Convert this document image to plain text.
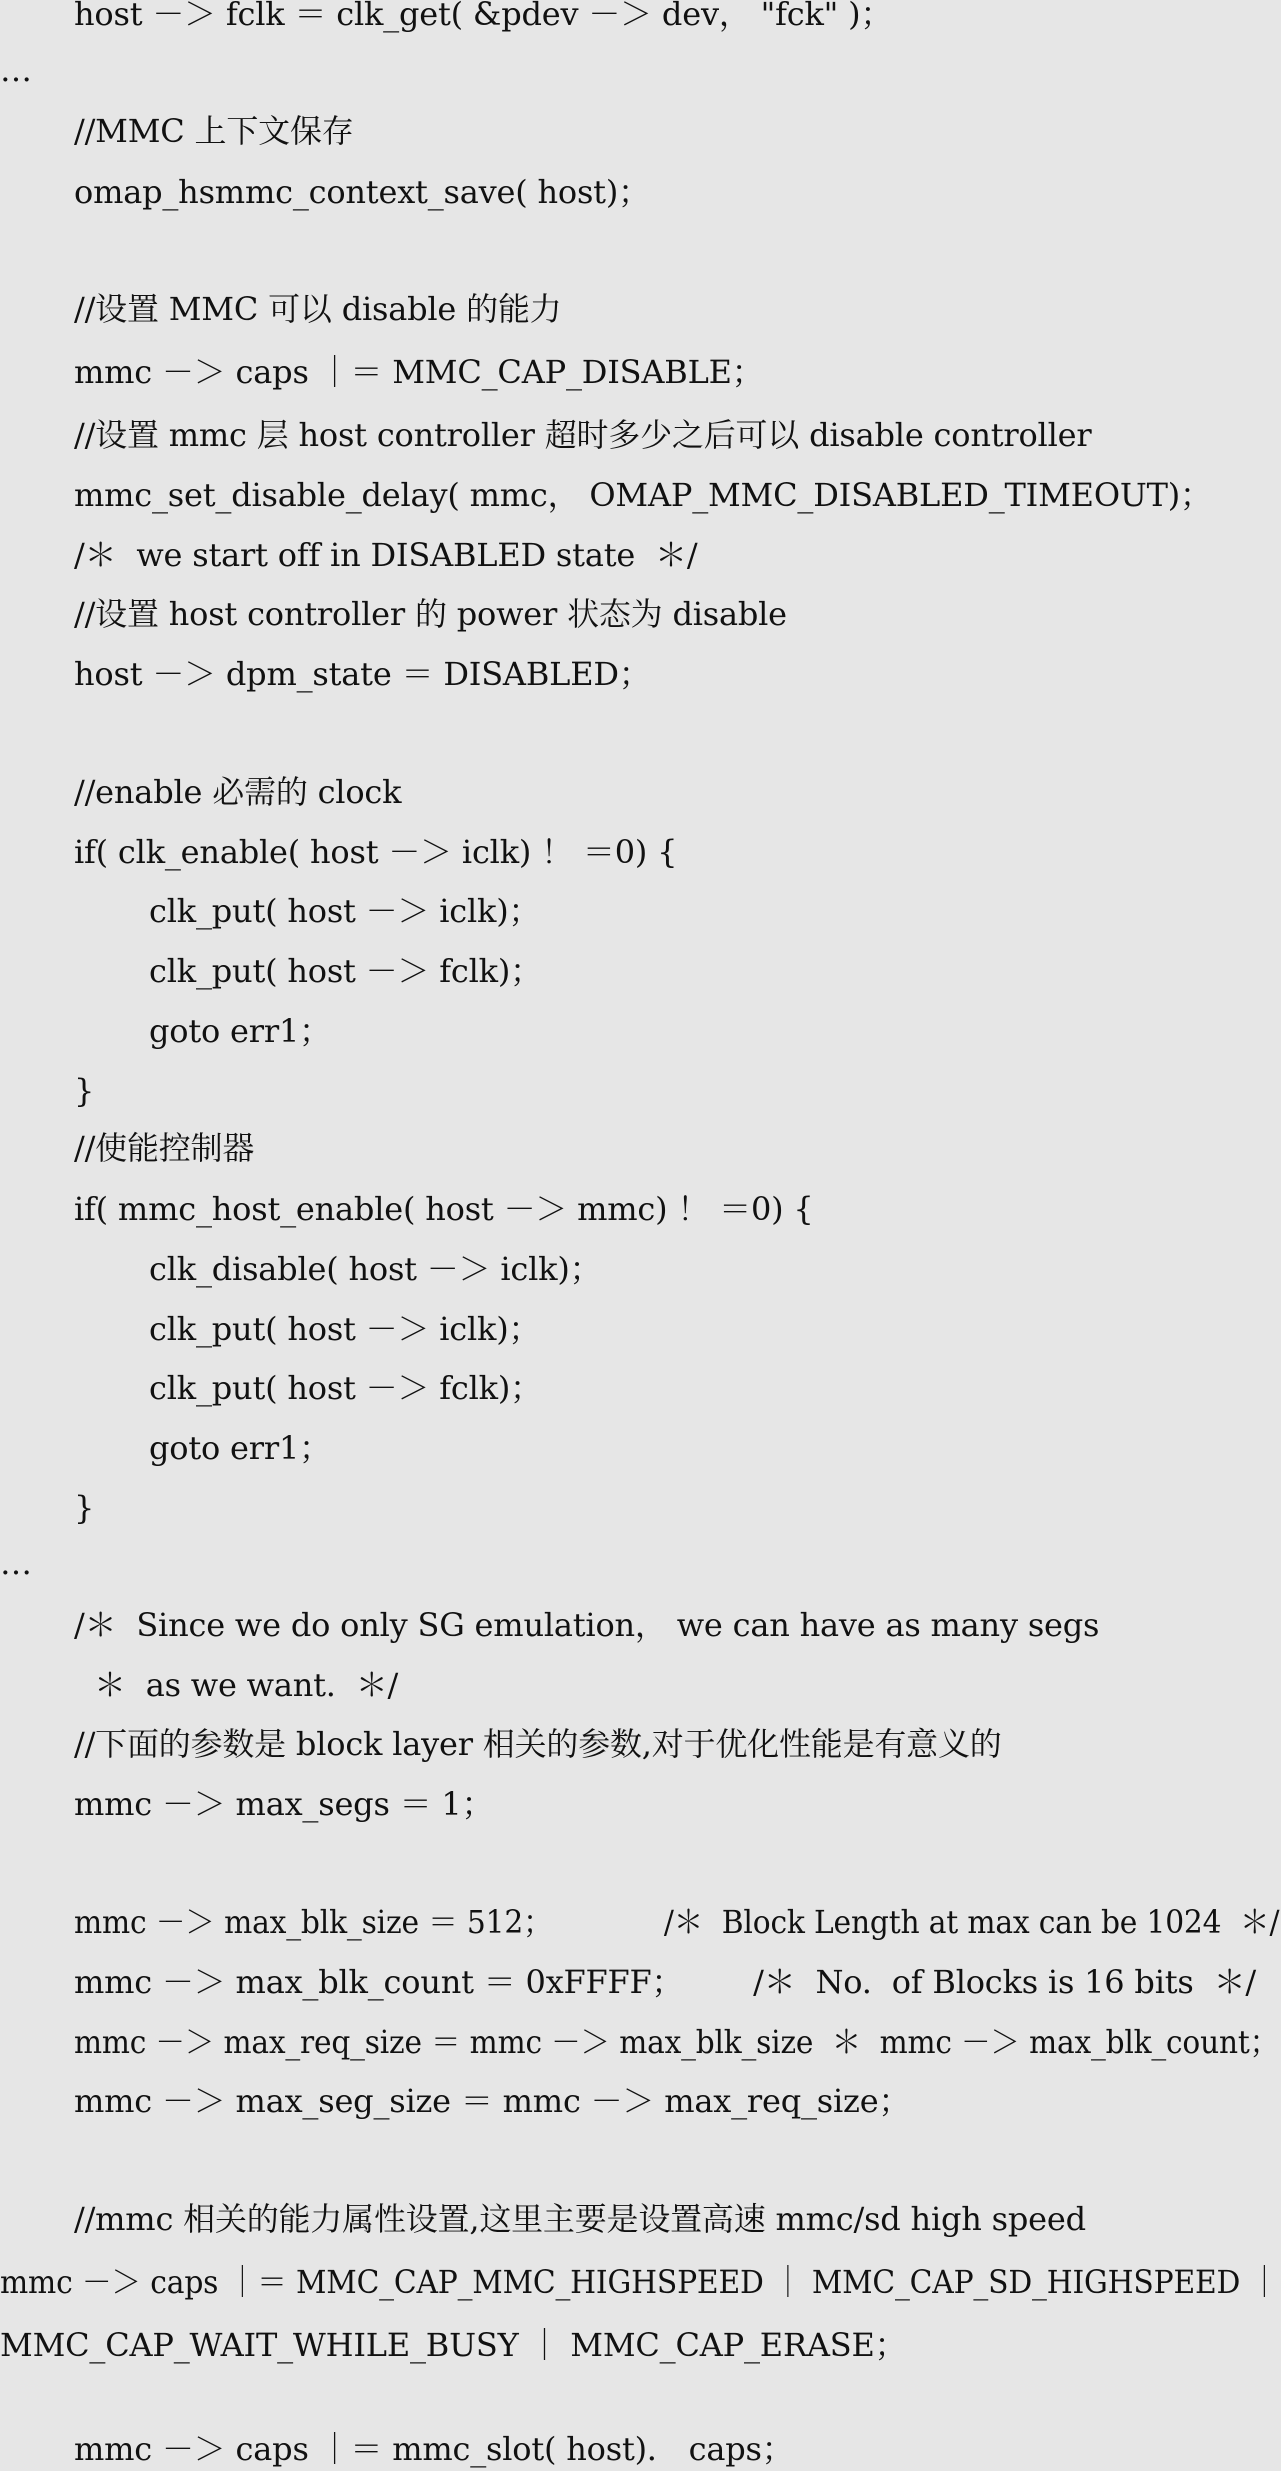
host －＞ fclk ＝ clk_get( &pdev －＞ dev， "fck" )；
…
//MMC 上下文保存
omap_hsmmc_context_save( host)；
//设置 MMC 可以 disable 的能力
mmc －＞ caps ｜＝ MMC_CAP_DISABLE；
//设置 mmc 层 host controller 超时多少之后可以 disable controller
mmc_set_disable_delay( mmc， OMAP_MMC_DISABLED_TIMEOUT)；
/＊  we start off in DISABLED state  ＊/
//设置 host controller 的 power 状态为 disable
host －＞ dpm_state ＝ DISABLED；
//enable 必需的 clock
if( clk_enable( host －＞ iclk) ！ ＝0) {
clk_put( host －＞ iclk)；
clk_put( host －＞ fclk)；
goto err1；
}
//使能控制器
if( mmc_host_enable( host －＞ mmc) ！ ＝0) {
clk_disable( host －＞ iclk)；
clk_put( host －＞ iclk)；
clk_put( host －＞ fclk)；
goto err1；
}
…
/＊  Since we do only SG emulation， we can have as many segs
＊  as we want.  ＊/
//下面的参数是 block layer 相关的参数,对于优化性能是有意义的
mmc －＞ max_segs ＝ 1；
mmc －＞ max_blk_size ＝ 512；            /＊  Block Length at max can be 1024  ＊/
mmc －＞ max_blk_count ＝ 0xFFFF；       /＊  No.  of Blocks is 16 bits  ＊/
mmc －＞ max_req_size ＝ mmc －＞ max_blk_size  ＊  mmc －＞ max_blk_count；
mmc －＞ max_seg_size ＝ mmc －＞ max_req_size；
//mmc 相关的能力属性设置,这里主要是设置高速 mmc/sd high speed
mmc －＞ caps ｜＝ MMC_CAP_MMC_HIGHSPEED ｜ MMC_CAP_SD_HIGHSPEED ｜
MMC_CAP_WAIT_WHILE_BUSY ｜ MMC_CAP_ERASE；
mmc －＞ caps ｜＝ mmc_slot( host)． caps；
